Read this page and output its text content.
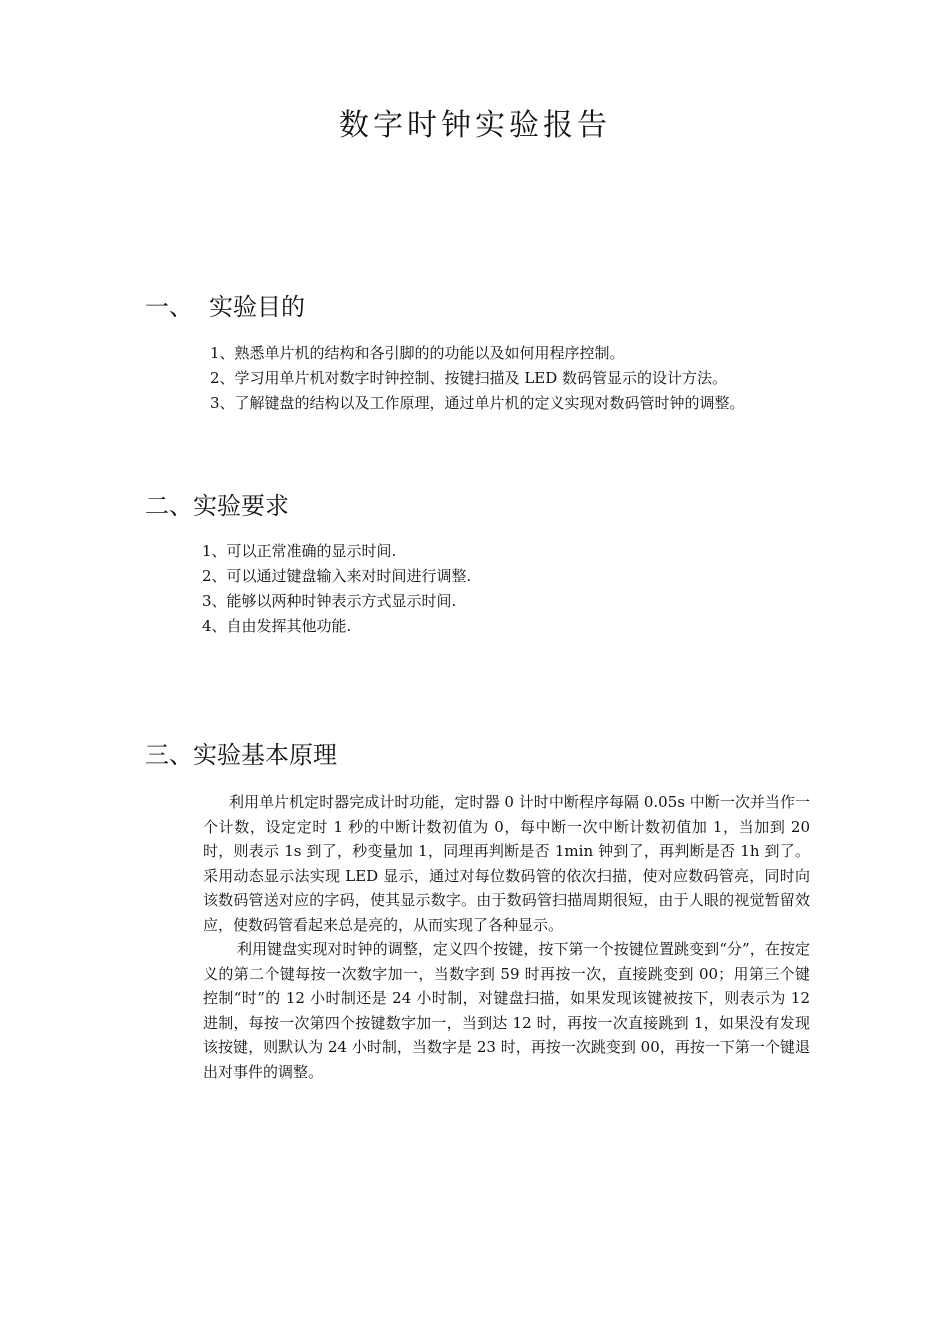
数字时钟实验报告
一、 实验目的
1、熟悉单片机的结构和各引脚的的功能以及如何用程序控制。
2、学习用单片机对数字时钟控制、按键扫描及 LED 数码管显示的设计方法。
3、了解键盘的结构以及工作原理，通过单片机的定义实现对数码管时钟的调整。
二、实验要求
1、可以正常准确的显示时间.
2、可以通过键盘输入来对时间进行调整.
3、能够以两种时钟表示方式显示时间.
4、自由发挥其他功能.
三、实验基本原理

利用单片机定时器完成计时功能，定时器 0 计时中断程序每隔 0.05s 中断一次并当作一个计数，设定定时 1 秒的中断计数初值为 0，每中断一次中断计数初值加 1，当加到 20 时，则表示 1s 到了，秒变量加 1，同理再判断是否 1min 钟到了，再判断是否 1h 到了。采用动态显示法实现 LED 显示，通过对每位数码管的依次扫描，使对应数码管亮，同时向该数码管送对应的字码，使其显示数字。由于数码管扫描周期很短，由于人眼的视觉暂留效应，使数码管看起来总是亮的，从而实现了各种显示。

利用键盘实现对时钟的调整，定义四个按键，按下第一个按键位置跳变到“分”，在按定义的第二个键每按一次数字加一，当数字到 59 时再按一次，直接跳变到 00；用第三个键控制“时”的 12 小时制还是 24 小时制，对键盘扫描，如果发现该键被按下，则表示为 12 进制，每按一次第四个按键数字加一，当到达 12 时，再按一次直接跳到 1，如果没有发现该按键，则默认为 24 小时制，当数字是 23 时，再按一次跳变到 00，再按一下第一个键退出对事件的调整。
